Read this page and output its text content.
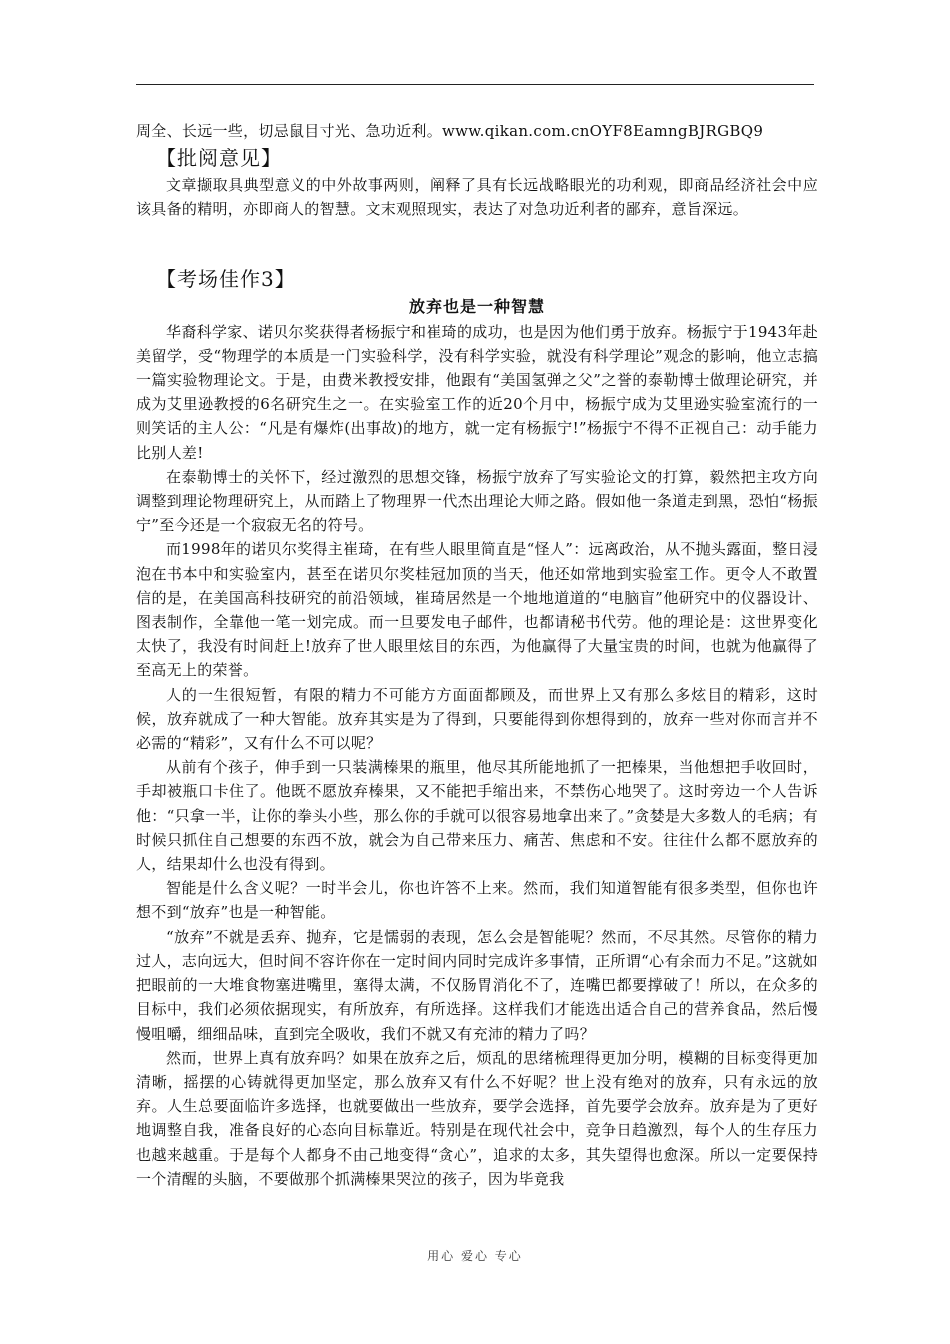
周全、长远一些，切忌鼠目寸光、急功近利。www.qikan.com.cnOYF8EamngBJRGBQ9

【批阅意见】

文章撷取具典型意义的中外故事两则，阐释了具有长远战略眼光的功利观，即商品经济社会中应该具备的精明，亦即商人的智慧。文末观照现实，表达了对急功近利者的鄙弃，意旨深远。

【考场佳作3】
放弃也是一种智慧

华裔科学家、诺贝尔奖获得者杨振宁和崔琦的成功，也是因为他们勇于放弃。杨振宁于1943年赴美留学，受“物理学的本质是一门实验科学，没有科学实验，就没有科学理论”观念的影响，他立志搞一篇实验物理论文。于是，由费米教授安排，他跟有“美国氢弹之父”之誉的泰勒博士做理论研究，并成为艾里逊教授的6名研究生之一。在实验室工作的近20个月中，杨振宁成为艾里逊实验室流行的一则笑话的主人公：“凡是有爆炸(出事故)的地方，就一定有杨振宁!”杨振宁不得不正视自己：动手能力比别人差!

在泰勒博士的关怀下，经过激烈的思想交锋，杨振宁放弃了写实验论文的打算，毅然把主攻方向调整到理论物理研究上，从而踏上了物理界一代杰出理论大师之路。假如他一条道走到黑，恐怕“杨振宁”至今还是一个寂寂无名的符号。

而1998年的诺贝尔奖得主崔琦，在有些人眼里简直是“怪人”：远离政治，从不抛头露面，整日浸泡在书本中和实验室内，甚至在诺贝尔奖桂冠加顶的当天，他还如常地到实验室工作。更令人不敢置信的是，在美国高科技研究的前沿领域，崔琦居然是一个地地道道的“电脑盲”他研究中的仪器设计、图表制作，全靠他一笔一划完成。而一旦要发电子邮件，也都请秘书代劳。他的理论是：这世界变化太快了，我没有时间赶上!放弃了世人眼里炫目的东西，为他赢得了大量宝贵的时间，也就为他赢得了至高无上的荣誉。

人的一生很短暂，有限的精力不可能方方面面都顾及，而世界上又有那么多炫目的精彩，这时候，放弃就成了一种大智能。放弃其实是为了得到，只要能得到你想得到的，放弃一些对你而言并不必需的“精彩”，又有什么不可以呢？

从前有个孩子，伸手到一只装满榛果的瓶里，他尽其所能地抓了一把榛果，当他想把手收回时，手却被瓶口卡住了。他既不愿放弃榛果，又不能把手缩出来，不禁伤心地哭了。这时旁边一个人告诉他：“只拿一半，让你的拳头小些，那么你的手就可以很容易地拿出来了。”贪婪是大多数人的毛病；有时候只抓住自己想要的东西不放，就会为自己带来压力、痛苦、焦虑和不安。往往什么都不愿放弃的人，结果却什么也没有得到。

智能是什么含义呢？一时半会儿，你也许答不上来。然而，我们知道智能有很多类型，但你也许想不到“放弃”也是一种智能。

“放弃”不就是丢弃、抛弃，它是懦弱的表现，怎么会是智能呢？然而，不尽其然。尽管你的精力过人，志向远大，但时间不容许你在一定时间内同时完成许多事情，正所谓“心有余而力不足。”这就如把眼前的一大堆食物塞进嘴里，塞得太满，不仅肠胃消化不了，连嘴巴都要撑破了！所以，在众多的目标中，我们必须依据现实，有所放弃，有所选择。这样我们才能选出适合自己的营养食品，然后慢慢咀嚼，细细品味，直到完全吸收，我们不就又有充沛的精力了吗？

然而，世界上真有放弃吗？如果在放弃之后，烦乱的思绪梳理得更加分明，模糊的目标变得更加清晰，摇摆的心铸就得更加坚定，那么放弃又有什么不好呢？世上没有绝对的放弃，只有永远的放弃。人生总要面临许多选择，也就要做出一些放弃，要学会选择，首先要学会放弃。放弃是为了更好地调整自我，准备良好的心态向目标靠近。特别是在现代社会中，竞争日趋激烈，每个人的生存压力也越来越重。于是每个人都身不由己地变得“贪心”，追求的太多，其失望得也愈深。所以一定要保持一个清醒的头脑，不要做那个抓满榛果哭泣的孩子，因为毕竟我

用心 爱心 专心
